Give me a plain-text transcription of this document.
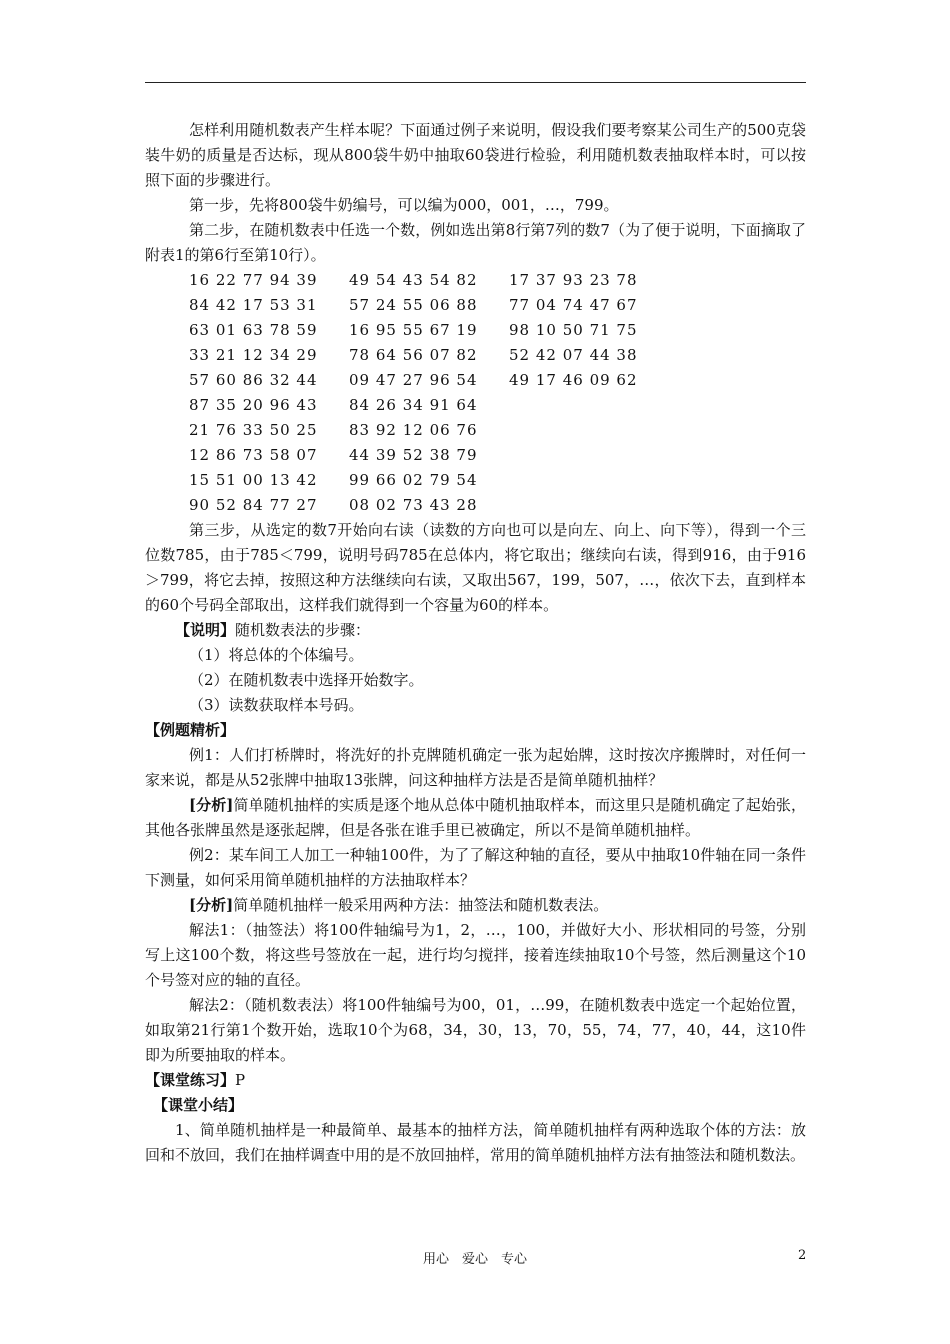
怎样利用随机数表产生样本呢？下面通过例子来说明，假设我们要考察某公司生产的500克袋装牛奶的质量是否达标，现从800袋牛奶中抽取60袋进行检验，利用随机数表抽取样本时，可以按照下面的步骤进行。

第一步，先将800袋牛奶编号，可以编为000，001，…，799。

第二步，在随机数表中任选一个数，例如选出第8行第7列的数7（为了便于说明，下面摘取了附表1的第6行至第10行）。

16 22 77 94 39	49 54 43 54 82	17 37 93 23 78
84 42 17 53 31	57 24 55 06 88	77 04 74 47 67
63 01 63 78 59	16 95 55 67 19	98 10 50 71 75
33 21 12 34 29	78 64 56 07 82	52 42 07 44 38
57 60 86 32 44	09 47 27 96 54	49 17 46 09 62
87 35 20 96 43	84 26 34 91 64	
21 76 33 50 25	83 92 12 06 76	
12 86 73 58 07	44 39 52 38 79	
15 51 00 13 42	99 66 02 79 54	
90 52 84 77 27	08 02 73 43 28	

第三步，从选定的数7开始向右读（读数的方向也可以是向左、向上、向下等），得到一个三位数785，由于785＜799，说明号码785在总体内，将它取出；继续向右读，得到916，由于916＞799，将它去掉，按照这种方法继续向右读，又取出567，199，507，…，依次下去，直到样本的60个号码全部取出，这样我们就得到一个容量为60的样本。

【说明】随机数表法的步骤：

（1）将总体的个体编号。

（2）在随机数表中选择开始数字。

（3）读数获取样本号码。

【例题精析】

例1：人们打桥牌时，将洗好的扑克牌随机确定一张为起始牌，这时按次序搬牌时，对任何一家来说，都是从52张牌中抽取13张牌，问这种抽样方法是否是简单随机抽样？

[分析]简单随机抽样的实质是逐个地从总体中随机抽取样本，而这里只是随机确定了起始张，其他各张牌虽然是逐张起牌，但是各张在谁手里已被确定，所以不是简单随机抽样。

例2：某车间工人加工一种轴100件，为了了解这种轴的直径，要从中抽取10件轴在同一条件下测量，如何采用简单随机抽样的方法抽取样本？

[分析]简单随机抽样一般采用两种方法：抽签法和随机数表法。

解法1：（抽签法）将100件轴编号为1，2，…，100，并做好大小、形状相同的号签，分别写上这100个数，将这些号签放在一起，进行均匀搅拌，接着连续抽取10个号签，然后测量这个10个号签对应的轴的直径。

解法2：（随机数表法）将100件轴编号为00，01，…99，在随机数表中选定一个起始位置，如取第21行第1个数开始，选取10个为68，34，30，13，70，55，74，77，40，44，这10件即为所要抽取的样本。

【课堂练习】P

【课堂小结】

1、简单随机抽样是一种最简单、最基本的抽样方法，简单随机抽样有两种选取个体的方法：放回和不放回，我们在抽样调查中用的是不放回抽样，常用的简单随机抽样方法有抽签法和随机数法。

用心　爱心　专心	2
